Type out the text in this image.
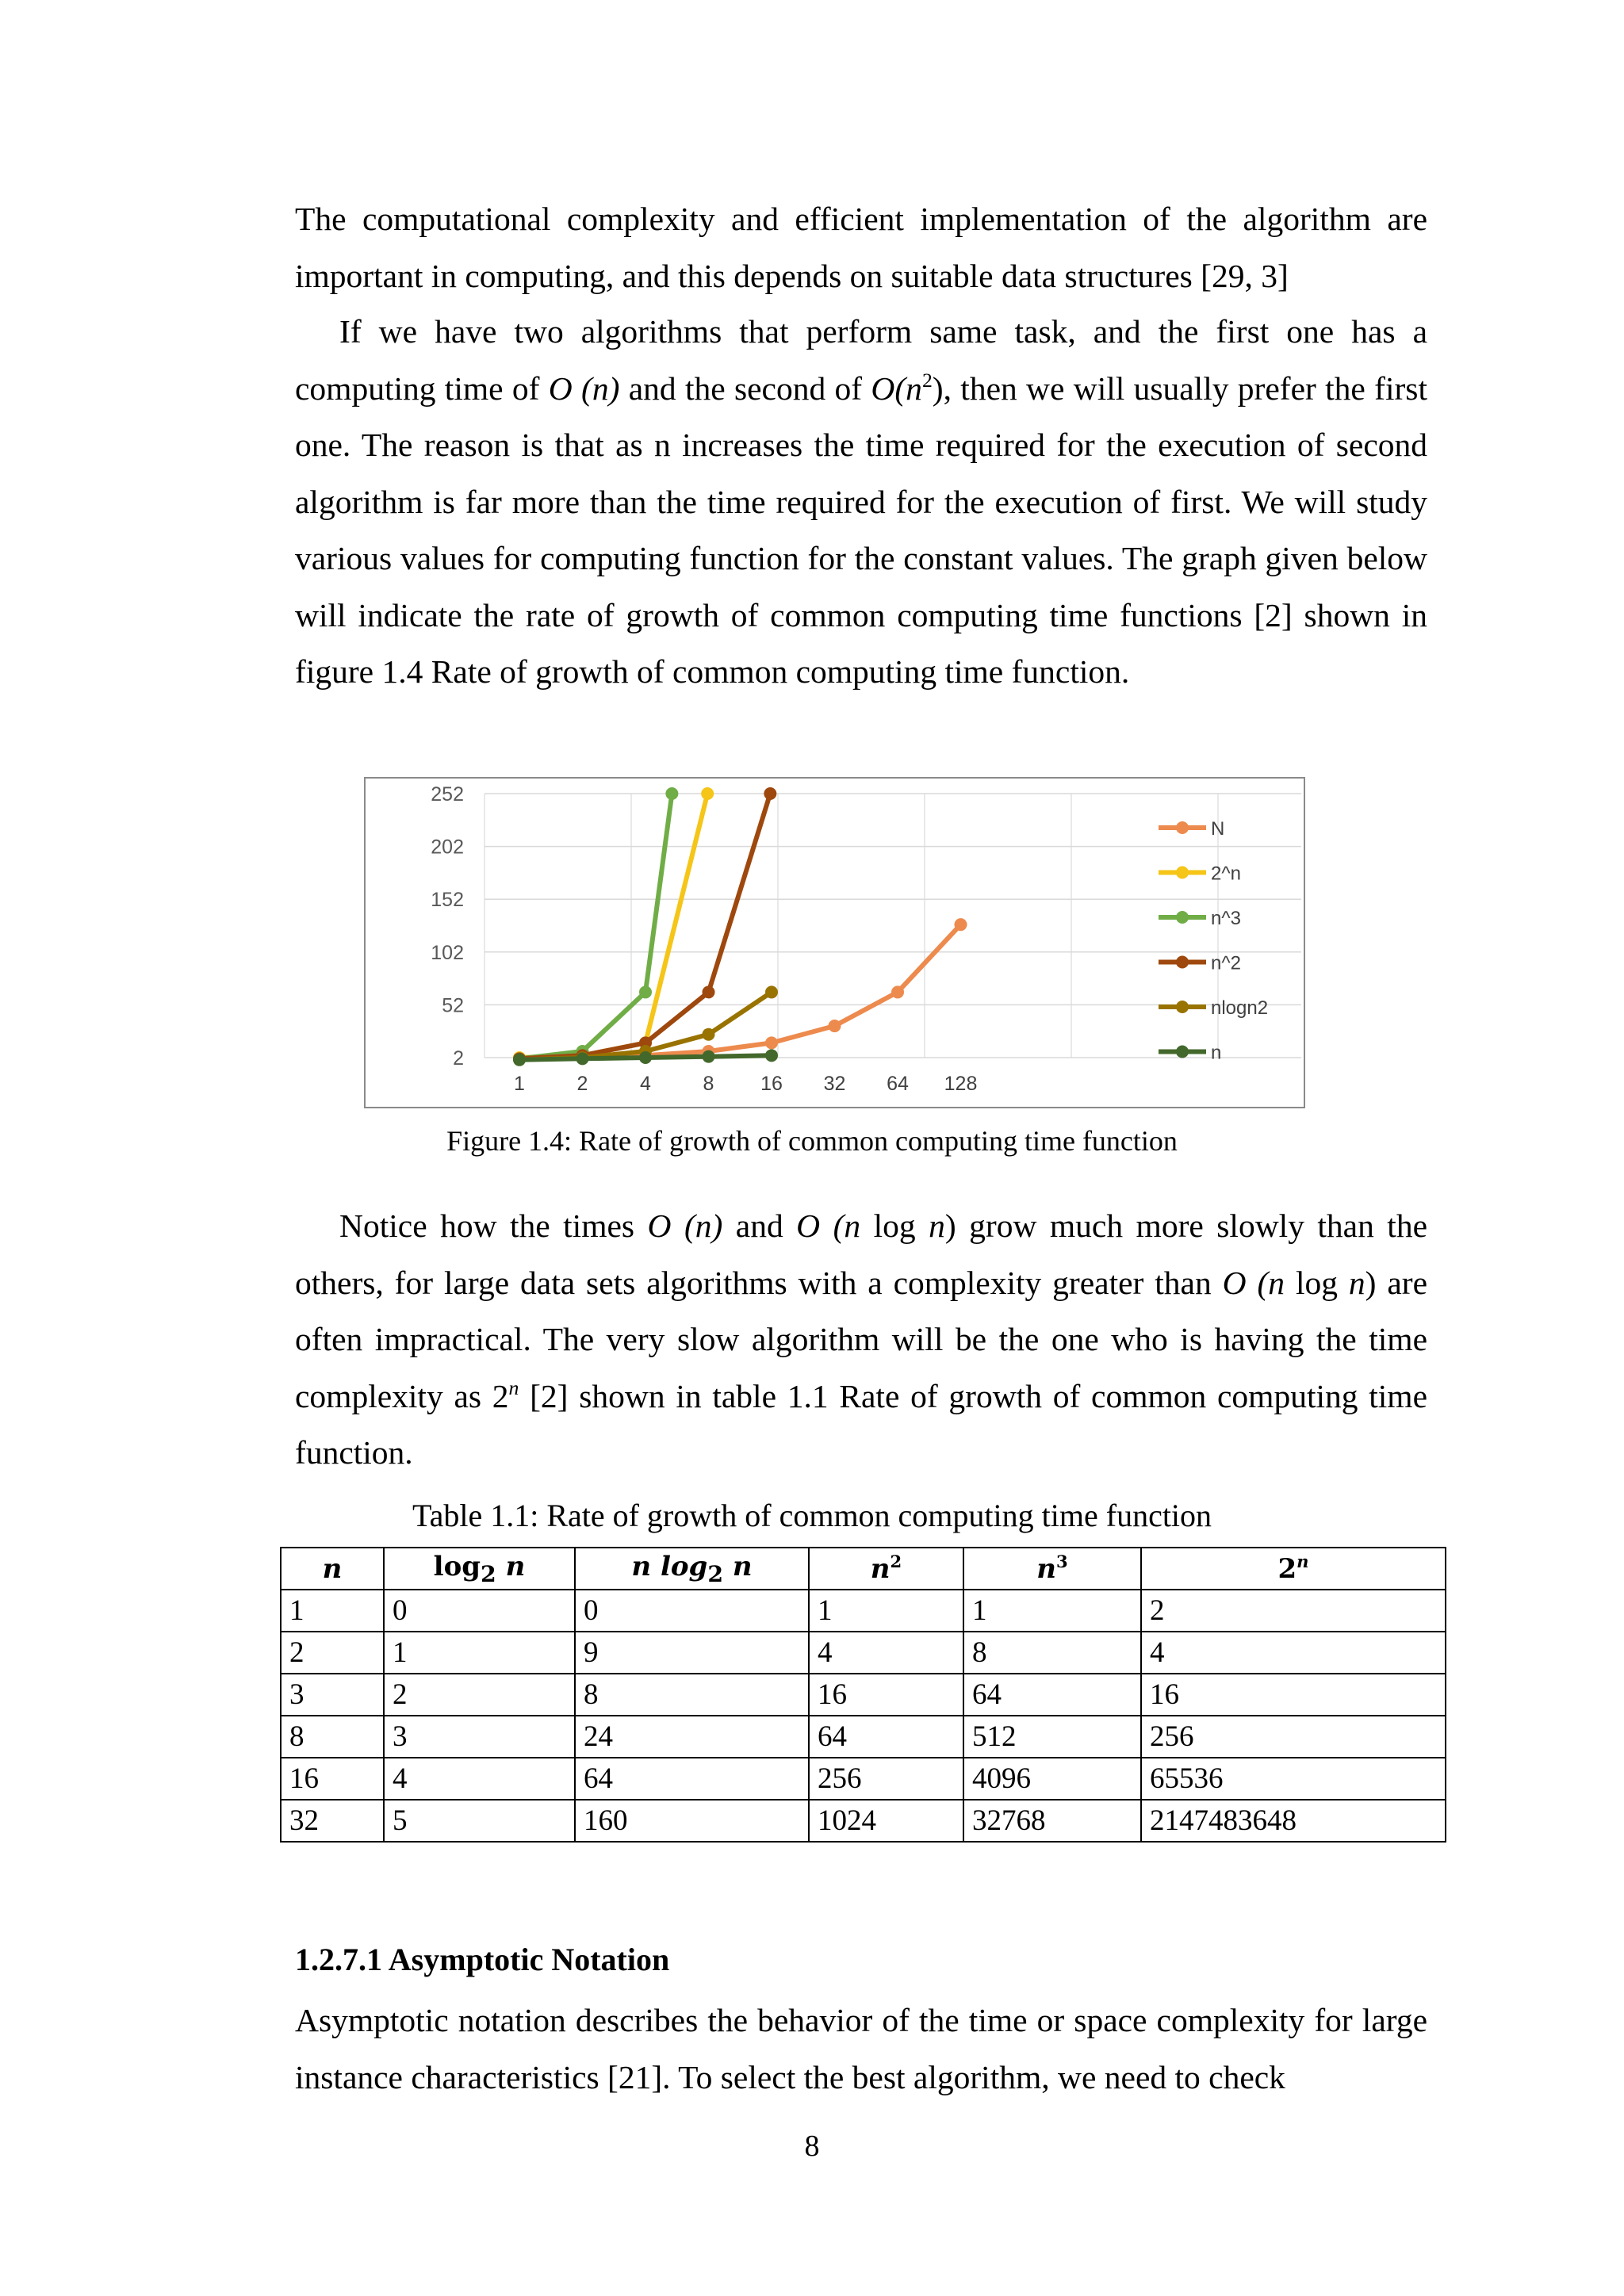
The computational complexity and efficient implementation of the algorithm are important in computing, and this depends on suitable data structures [29, 3]

If we have two algorithms that perform same task, and the first one has a computing time of O (n) and the second of $O(n^2)$, then we will usually prefer the first one. The reason is that as n increases the time required for the execution of second algorithm is far more than the time required for the execution of first. We will study various values for computing function for the constant values. The graph given below will indicate the rate of growth of common computing time functions [2] shown in figure 1.4 Rate of growth of common computing time function.

2
52
102
152
202
252
1	2	4	8 16 32 64 128
N
2^n
n^3
n^2
nlogn2
n

Figure 1.4: Rate of growth of common computing time function

Notice how the times O (n) and O (n log n) grow much more slowly than the others, for large data sets algorithms with a complexity greater than O (n log n) are often impractical. The very slow algorithm will be the one who is having the time complexity as 2$^n$ [2] shown in table 1.1 Rate of growth of common computing time function.

Table 1.1: Rate of growth of common computing time function

n	$\log_2 n$	n $\log_2 n$	$n^2$	$n^3$	2$^n$
1	0	0	1	1	2
2	1	9	4	8	4
3	2	8	16	64	16
8	3	24	64	512	256
16	4	64	256	4096	65536
32	5	160	1024	32768	2147483648

1.2.7.1 Asymptotic Notation

Asymptotic notation describes the behavior of the time or space complexity for large instance characteristics [21]. To select the best algorithm, we need to check

8
